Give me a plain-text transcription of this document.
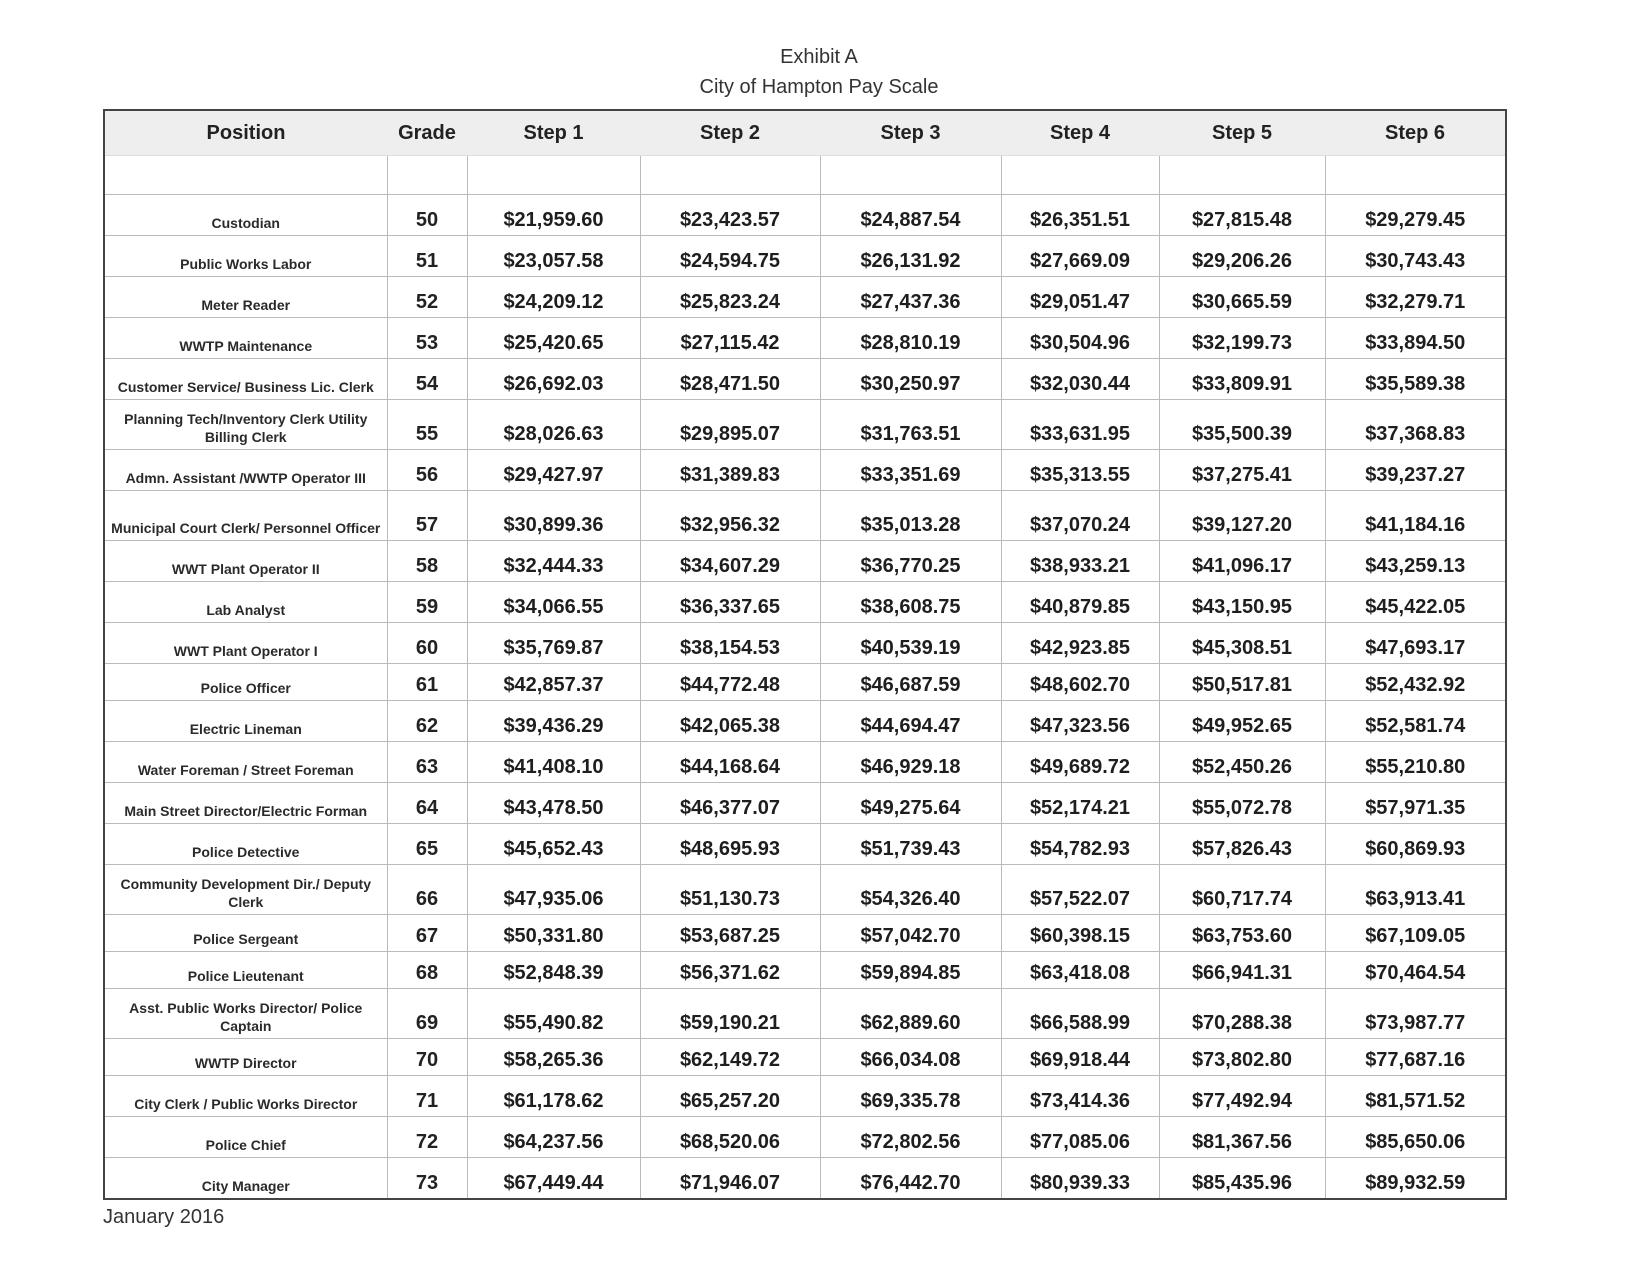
Exhibit A
City of Hampton Pay Scale
Position	Grade	Step 1	Step 2	Step 3	Step 4	Step 5	Step 6

Custodian	50	$21,959.60	$23,423.57	$24,887.54	$26,351.51	$27,815.48	$29,279.45
Public Works Labor	51	$23,057.58	$24,594.75	$26,131.92	$27,669.09	$29,206.26	$30,743.43
Meter Reader	52	$24,209.12	$25,823.24	$27,437.36	$29,051.47	$30,665.59	$32,279.71
WWTP Maintenance	53	$25,420.65	$27,115.42	$28,810.19	$30,504.96	$32,199.73	$33,894.50
Customer Service/ Business Lic. Clerk	54	$26,692.03	$28,471.50	$30,250.97	$32,030.44	$33,809.91	$35,589.38
Planning Tech/Inventory Clerk Utility Billing Clerk	55	$28,026.63	$29,895.07	$31,763.51	$33,631.95	$35,500.39	$37,368.83
Admn. Assistant /WWTP Operator III	56	$29,427.97	$31,389.83	$33,351.69	$35,313.55	$37,275.41	$39,237.27
Municipal Court Clerk/ Personnel Officer	57	$30,899.36	$32,956.32	$35,013.28	$37,070.24	$39,127.20	$41,184.16
WWT Plant Operator II	58	$32,444.33	$34,607.29	$36,770.25	$38,933.21	$41,096.17	$43,259.13
Lab Analyst	59	$34,066.55	$36,337.65	$38,608.75	$40,879.85	$43,150.95	$45,422.05
WWT Plant Operator I	60	$35,769.87	$38,154.53	$40,539.19	$42,923.85	$45,308.51	$47,693.17
Police Officer	61	$42,857.37	$44,772.48	$46,687.59	$48,602.70	$50,517.81	$52,432.92
Electric Lineman	62	$39,436.29	$42,065.38	$44,694.47	$47,323.56	$49,952.65	$52,581.74
Water Foreman / Street Foreman	63	$41,408.10	$44,168.64	$46,929.18	$49,689.72	$52,450.26	$55,210.80
Main Street Director/Electric Forman	64	$43,478.50	$46,377.07	$49,275.64	$52,174.21	$55,072.78	$57,971.35
Police Detective	65	$45,652.43	$48,695.93	$51,739.43	$54,782.93	$57,826.43	$60,869.93
Community Development Dir./ Deputy Clerk	66	$47,935.06	$51,130.73	$54,326.40	$57,522.07	$60,717.74	$63,913.41
Police Sergeant	67	$50,331.80	$53,687.25	$57,042.70	$60,398.15	$63,753.60	$67,109.05
Police Lieutenant	68	$52,848.39	$56,371.62	$59,894.85	$63,418.08	$66,941.31	$70,464.54
Asst. Public Works Director/ Police Captain	69	$55,490.82	$59,190.21	$62,889.60	$66,588.99	$70,288.38	$73,987.77
WWTP Director	70	$58,265.36	$62,149.72	$66,034.08	$69,918.44	$73,802.80	$77,687.16
City Clerk / Public Works Director	71	$61,178.62	$65,257.20	$69,335.78	$73,414.36	$77,492.94	$81,571.52
Police Chief	72	$64,237.56	$68,520.06	$72,802.56	$77,085.06	$81,367.56	$85,650.06
City Manager	73	$67,449.44	$71,946.07	$76,442.70	$80,939.33	$85,435.96	$89,932.59
January 2016
